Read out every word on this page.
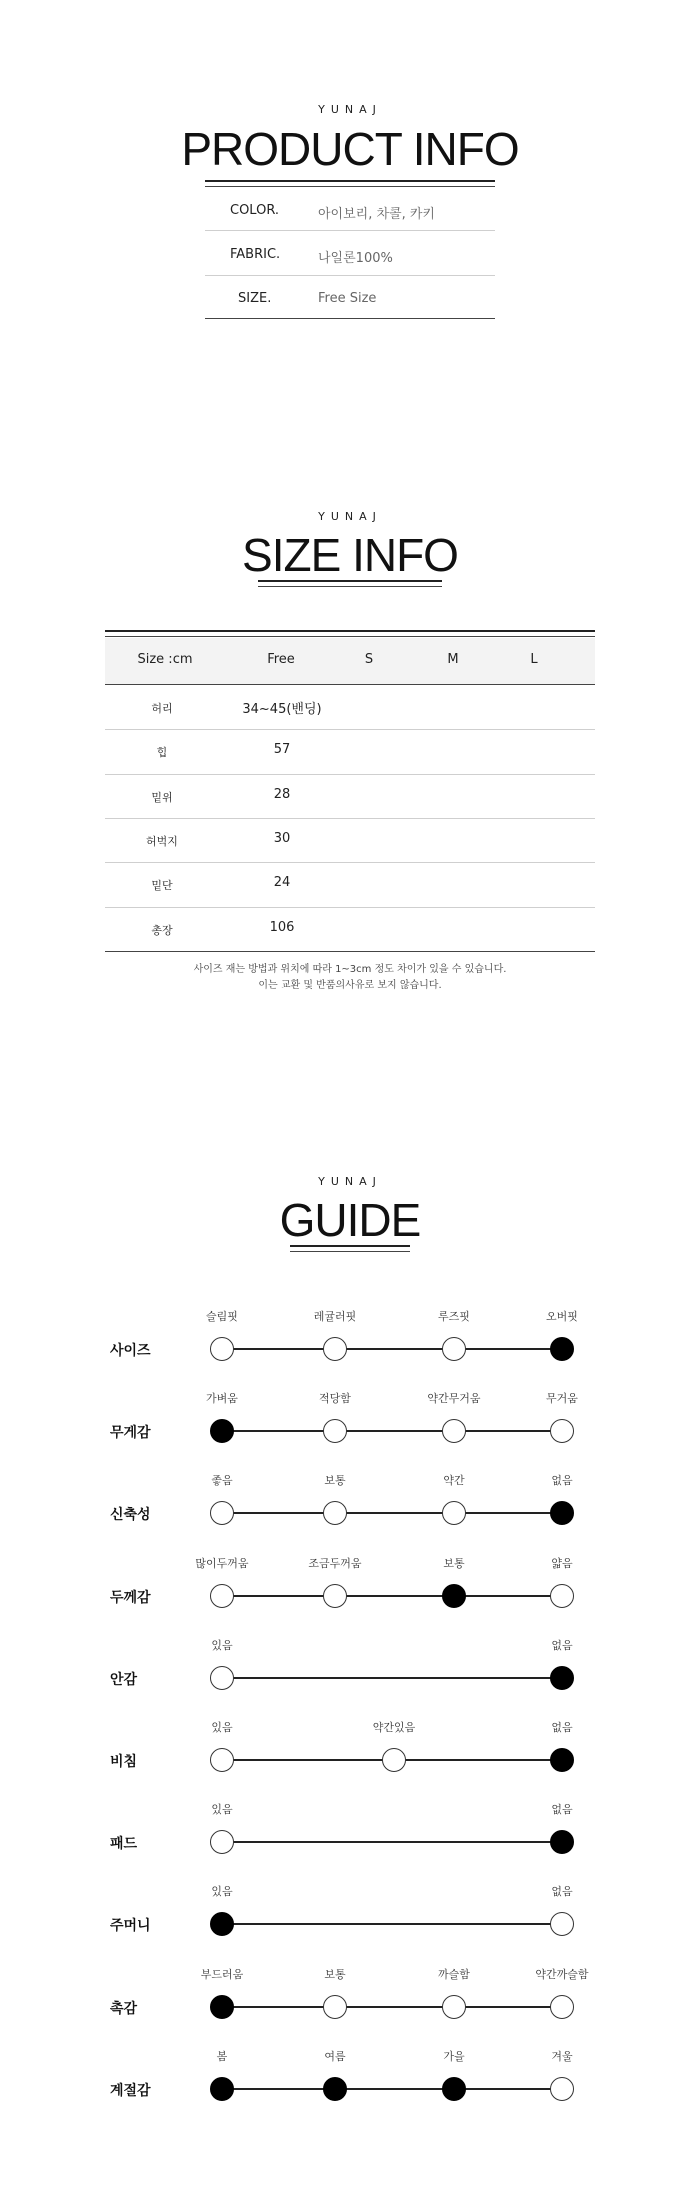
YUNAJ
PRODUCT INFO
COLOR.	아이보리, 차콜, 카키
FABRIC.	나일론100%
SIZE.	Free Size
YUNAJ
SIZE INFO
Size :cm	Free	S	M	L
허리	34~45(밴딩)
힙	57
밑위	28
허벅지	30
밑단	24
총장	106
사이즈 재는 방법과 위치에 따라 1~3cm 정도 차이가 있을 수 있습니다.
이는 교환 및 반품의사유로 보지 않습니다.
YUNAJ
GUIDE
사이즈
슬림핏	레귤러핏	루즈핏	오버핏
무게감
가벼움	적당함	약간무거움	무거움
신축성
좋음	보통	약간	없음
두께감
많이두꺼움	조금두꺼움	보통	얇음
안감
있음	없음
비침
있음	약간있음	없음
패드
있음	없음
주머니
있음	없음
촉감
부드러움	보통	까슬함	약간까슬함
계절감
봄	여름	가을	겨울
